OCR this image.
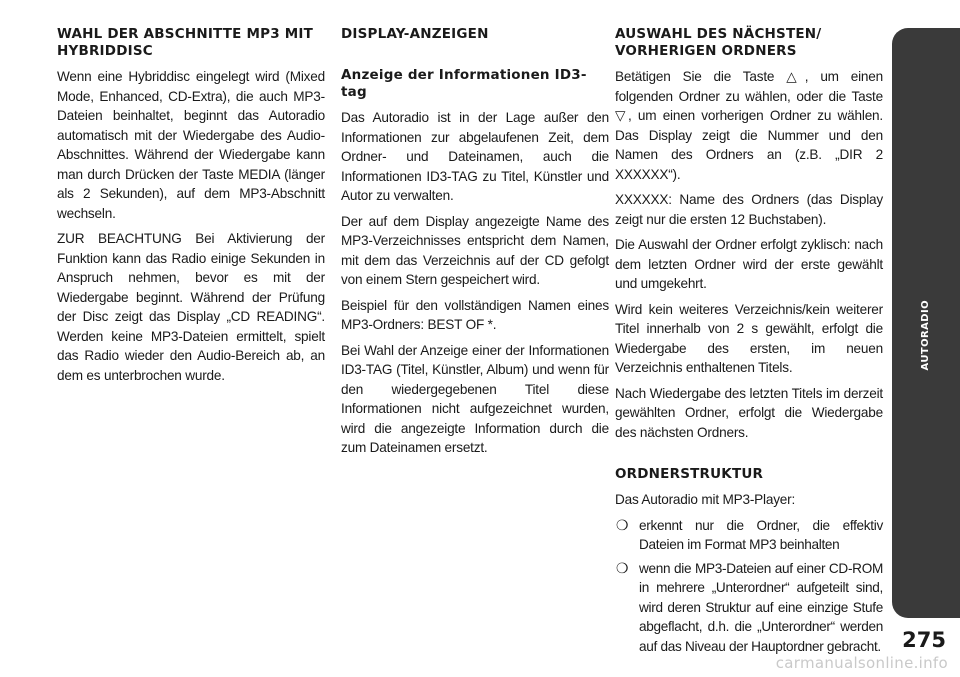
WAHL DER ABSCHNITTE MP3 MIT HYBRIDDISC

Wenn eine Hybriddisc eingelegt wird (Mixed Mode, Enhanced, CD-Extra), die auch MP3-Dateien beinhaltet, beginnt das Autoradio automatisch mit der Wiedergabe des Audio-Abschnittes. Während der Wiedergabe kann man durch Drücken der Taste MEDIA (länger als 2 Sekunden), auf dem MP3-Abschnitt wechseln.

ZUR BEACHTUNG Bei Aktivierung der Funktion kann das Radio einige Sekunden in Anspruch nehmen, bevor es mit der Wiedergabe beginnt. Während der Prüfung der Disc zeigt das Display „CD READING“. Werden keine MP3-Dateien ermittelt, spielt das Radio wieder den Audio-Bereich ab, an dem es unterbrochen wurde.

DISPLAY-ANZEIGEN
Anzeige der Informationen ID3-tag

Das Autoradio ist in der Lage außer den Informationen zur abgelaufenen Zeit, dem Ordner- und Dateinamen, auch die Informationen ID3-TAG zu Titel, Künstler und Autor zu verwalten.

Der auf dem Display angezeigte Name des MP3-Verzeichnisses entspricht dem Namen, mit dem das Verzeichnis auf der CD gefolgt von einem Stern gespeichert wird.

Beispiel für den vollständigen Namen eines MP3-Ordners: BEST OF *.

Bei Wahl der Anzeige einer der Informationen ID3-TAG (Titel, Künstler, Album) und wenn für den wiedergegebenen Titel diese Informationen nicht aufgezeichnet wurden, wird die angezeigte Information durch die zum Dateinamen ersetzt.

AUSWAHL DES NÄCHSTEN/ VORHERIGEN ORDNERS

Betätigen Sie die Taste △, um einen folgenden Ordner zu wählen, oder die Taste ▽, um einen vorherigen Ordner zu wählen. Das Display zeigt die Nummer und den Namen des Ordners an (z.B. „DIR 2 XXXXXX“).

XXXXXX: Name des Ordners (das Display zeigt nur die ersten 12 Buchstaben).

Die Auswahl der Ordner erfolgt zyklisch: nach dem letzten Ordner wird der erste gewählt und umgekehrt.

Wird kein weiteres Verzeichnis/kein weiterer Titel innerhalb von 2 s gewählt, erfolgt die Wiedergabe des ersten, im neuen Verzeichnis enthaltenen Titels.

Nach Wiedergabe des letzten Titels im derzeit gewählten Ordner, erfolgt die Wiedergabe des nächsten Ordners.

ORDNERSTRUKTUR

Das Autoradio mit MP3-Player:

❍ erkennt nur die Ordner, die effektiv Dateien im Format MP3 beinhalten
❍ wenn die MP3-Dateien auf einer CD-ROM in mehrere „Unterordner“ aufgeteilt sind, wird deren Struktur auf eine einzige Stufe abgeflacht, d.h. die „Unterordner“ werden auf das Niveau der Hauptordner gebracht.
AUTORADIO
275
carmanualsonline.info
